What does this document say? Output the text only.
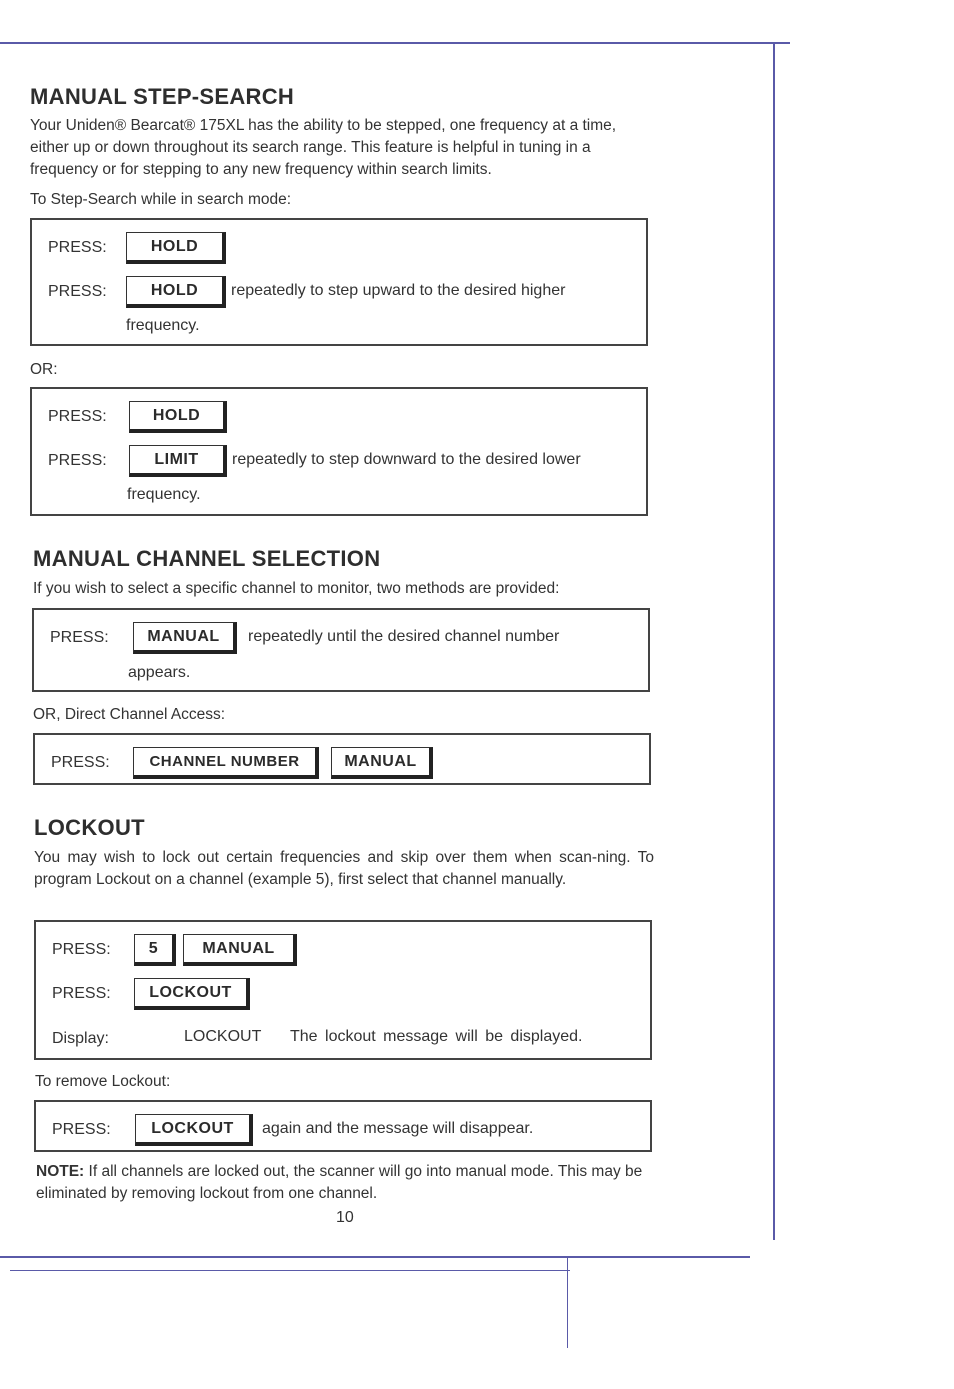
MANUAL STEP-SEARCH

Your Uniden® Bearcat® 175XL has the ability to be stepped, one frequency at a time, either up or down throughout its search range. This feature is helpful in tuning in a frequency or for stepping to any new frequency within search limits.

To Step-Search while in search mode:

PRESS:	HOLD
PRESS:	HOLD	repeatedly to step upward to the desired higher
frequency.

OR:

PRESS:	HOLD
PRESS:	LIMIT	repeatedly to step downward to the desired lower
frequency.
MANUAL CHANNEL SELECTION

If you wish to select a specific channel to monitor, two methods are provided:

PRESS:	MANUAL	repeatedly until the desired channel number
appears.

OR, Direct Channel Access:

PRESS:	CHANNEL NUMBER	MANUAL
LOCKOUT

You may wish to lock out certain frequencies and skip over them when scan-ning. To program Lockout on a channel (example 5), first select that channel manually.

PRESS:	5	MANUAL
PRESS:	LOCKOUT
Display:	LOCKOUT The lockout message will be displayed.

To remove Lockout:

PRESS:	LOCKOUT	again and the message will disappear.

NOTE: If all channels are locked out, the scanner will go into manual mode. This may be eliminated by removing lockout from one channel.

10
